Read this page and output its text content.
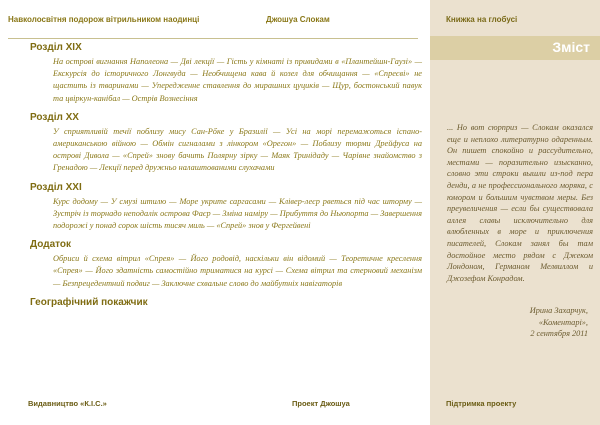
Навколосвітня подорож вітрильником наодинці	Джошуа Слокам
Розділ XIX
На острові вигнання Наполеона — Дві лекції — Гість у кімнаті із привидами в «Плантейшн-Гаузі» — Екскурсія до історичного Лонгвуда — Необчищена кава й козел для обчищання — «Спреєві» не щастить із тваринами — Упередженне ставлення до мирашних цуциків — Щур, бостонський павук та цвіркун-канібал — Острів Вознесіння
Розділ ХХ
У сприятливій течії поблизу мису Сан-Рőке у Бразилії — Усі на морі перемажоться іспано-американською війною — Обмін сигналами з лінкором «Орегон» — Поблизу тюрми Дрейфуса на острові Дивола — «Спрей» знову бачить Полярну зірку — Маяк Тринідаду — Чарівне знайомство з Гренадою — Лекції перед дружньо налаштованими слухачами
Розділ ХХІ
Курс додому — У смузі штилю — Море укрите саргасами — Клівер-леєр рветься під час шторму — Зустріч із торнадо неподалік острова Фаєр — Зміна наміру — Прибуття до Ньюпорта — Завершення подорожі у понад сорок шість тисяч миль — «Спрей» знов у Фергейвені
Додаток
Обриси й схема вітрил «Спрея» — Його родовід, наскільки він відомий — Теоретичне креслення «Спрея» — Його здатність самостійно триматися на курсі — Схема вітрил та стерновий механізм — Безпрецедентний подвиг — Заключне схвальне слово до майбутніх навігаторів
Географічний покажчик
Видавництво «К.І.С.»	Проект Джошуа
Книжка на глобусі
Зміст
... Но вот сюрприз — Слокам оказался еще и неплохо литературно одаренным. Он пишет спокойно и рассудительно, местами — поразительно изысканно, словно эти строки вышли из-под пера денди, а не профессионального моряка, с юмором и большим чувством меры. Без преувеличения — если бы существовала аллея славы исключительно для влюбленных в море и приключения писателей, Слокам занял бы там достойное место рядом с Джеком Лондоном, Германом Мелвиллом и Джозефом Конрадом.
Ирина Захарчук,
«Коментарі»,
2 сентября 2011
Підтримка проекту
